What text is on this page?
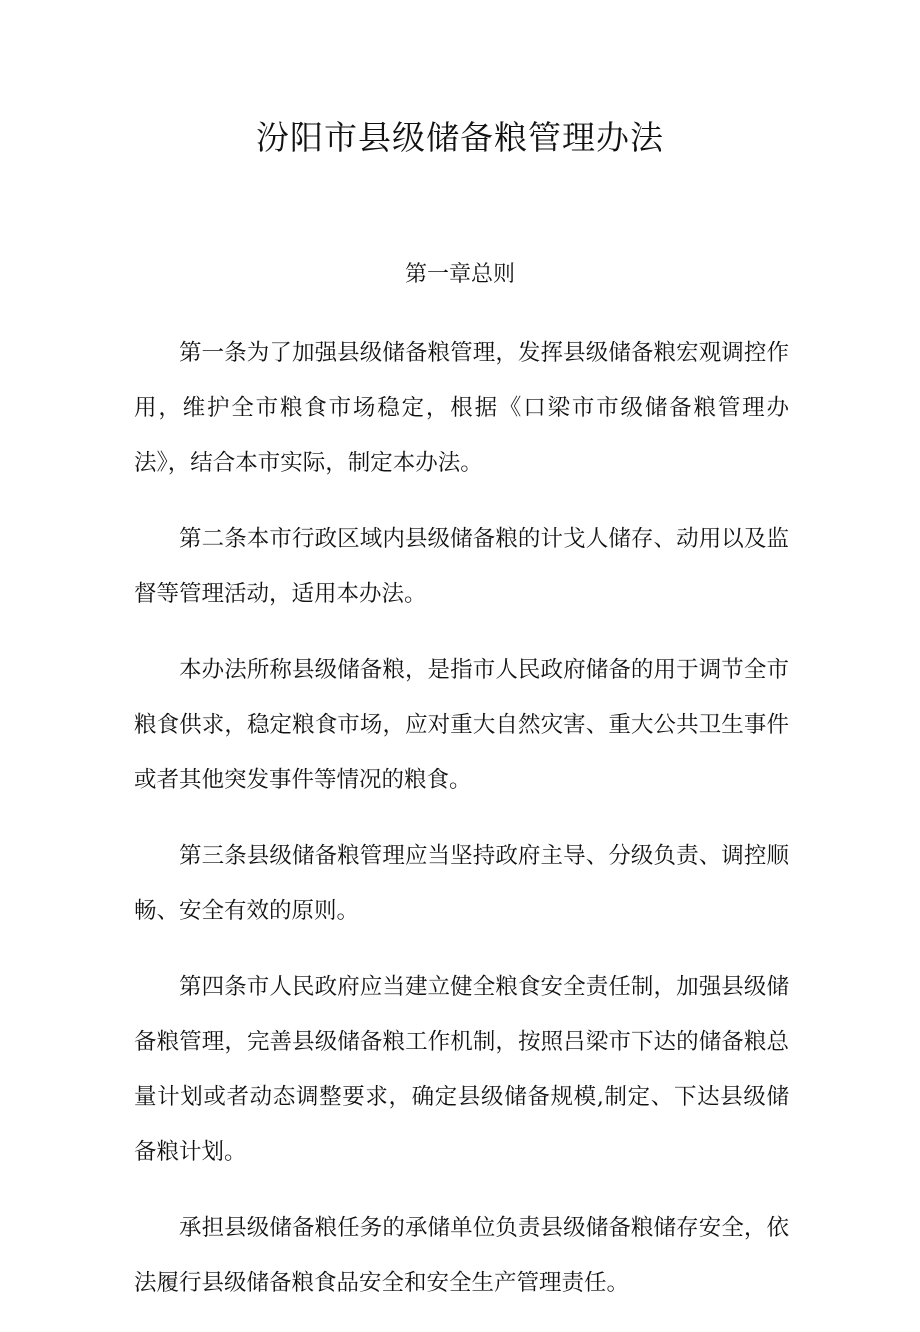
汾阳市县级储备粮管理办法
第一章总则

第一条为了加强县级储备粮管理，发挥县级储备粮宏观调控作用，维护全市粮食市场稳定，根据《口梁市市级储备粮管理办法》，结合本市实际，制定本办法。

第二条本市行政区域内县级储备粮的计戈人储存、动用以及监督等管理活动，适用本办法。

本办法所称县级储备粮，是指市人民政府储备的用于调节全市粮食供求，稳定粮食市场，应对重大自然灾害、重大公共卫生事件或者其他突发事件等情况的粮食。

第三条县级储备粮管理应当坚持政府主导、分级负责、调控顺畅、安全有效的原则。

第四条市人民政府应当建立健全粮食安全责任制，加强县级储备粮管理，完善县级储备粮工作机制，按照吕梁市下达的储备粮总量计划或者动态调整要求，确定县级储备规模,制定、下达县级储备粮计划。

承担县级储备粮任务的承储单位负责县级储备粮储存安全，依法履行县级储备粮食品安全和安全生产管理责任。
